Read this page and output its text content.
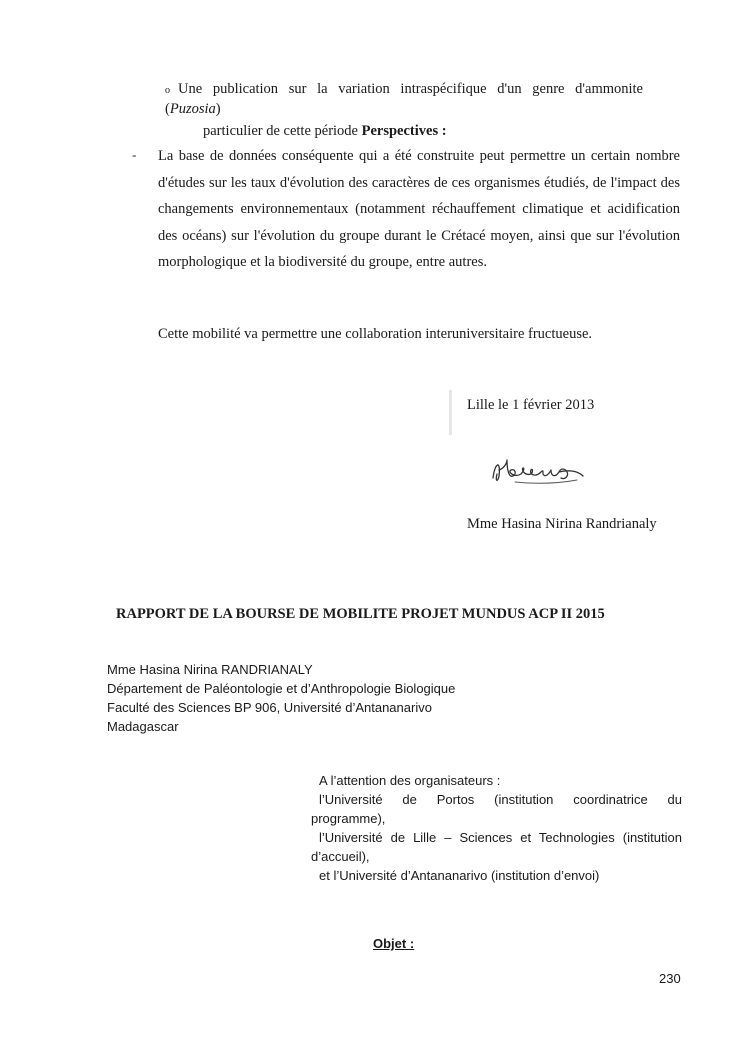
o Une publication sur la variation intraspécifique d'un genre d'ammonite
(Puzosia)
particulier de cette période Perspectives :
- La base de données conséquente qui a été construite peut permettre un certain nombre d'études sur les taux d'évolution des caractères de ces organismes étudiés, de l'impact des changements environnementaux (notamment réchauffement climatique et acidification des océans) sur l'évolution du groupe durant le Crétacé moyen, ainsi que sur l'évolution morphologique et la biodiversité du groupe, entre autres.
Cette mobilité va permettre une collaboration interuniversitaire fructueuse.
Lille le 1 février 2013
Mme Hasina Nirina Randrianaly
RAPPORT DE LA BOURSE DE MOBILITE PROJET MUNDUS ACP II 2015
Mme Hasina Nirina RANDRIANALY
Département de Paléontologie et d’Anthropologie Biologique
Faculté des Sciences BP 906, Université d’Antananarivo
Madagascar
A l’attention des organisateurs :
l’Université de Portos (institution coordinatrice du
programme),
l’Université de Lille – Sciences et Technologies (institution
d’accueil),
et l’Université d’Antananarivo (institution d’envoi)
Objet :
230
